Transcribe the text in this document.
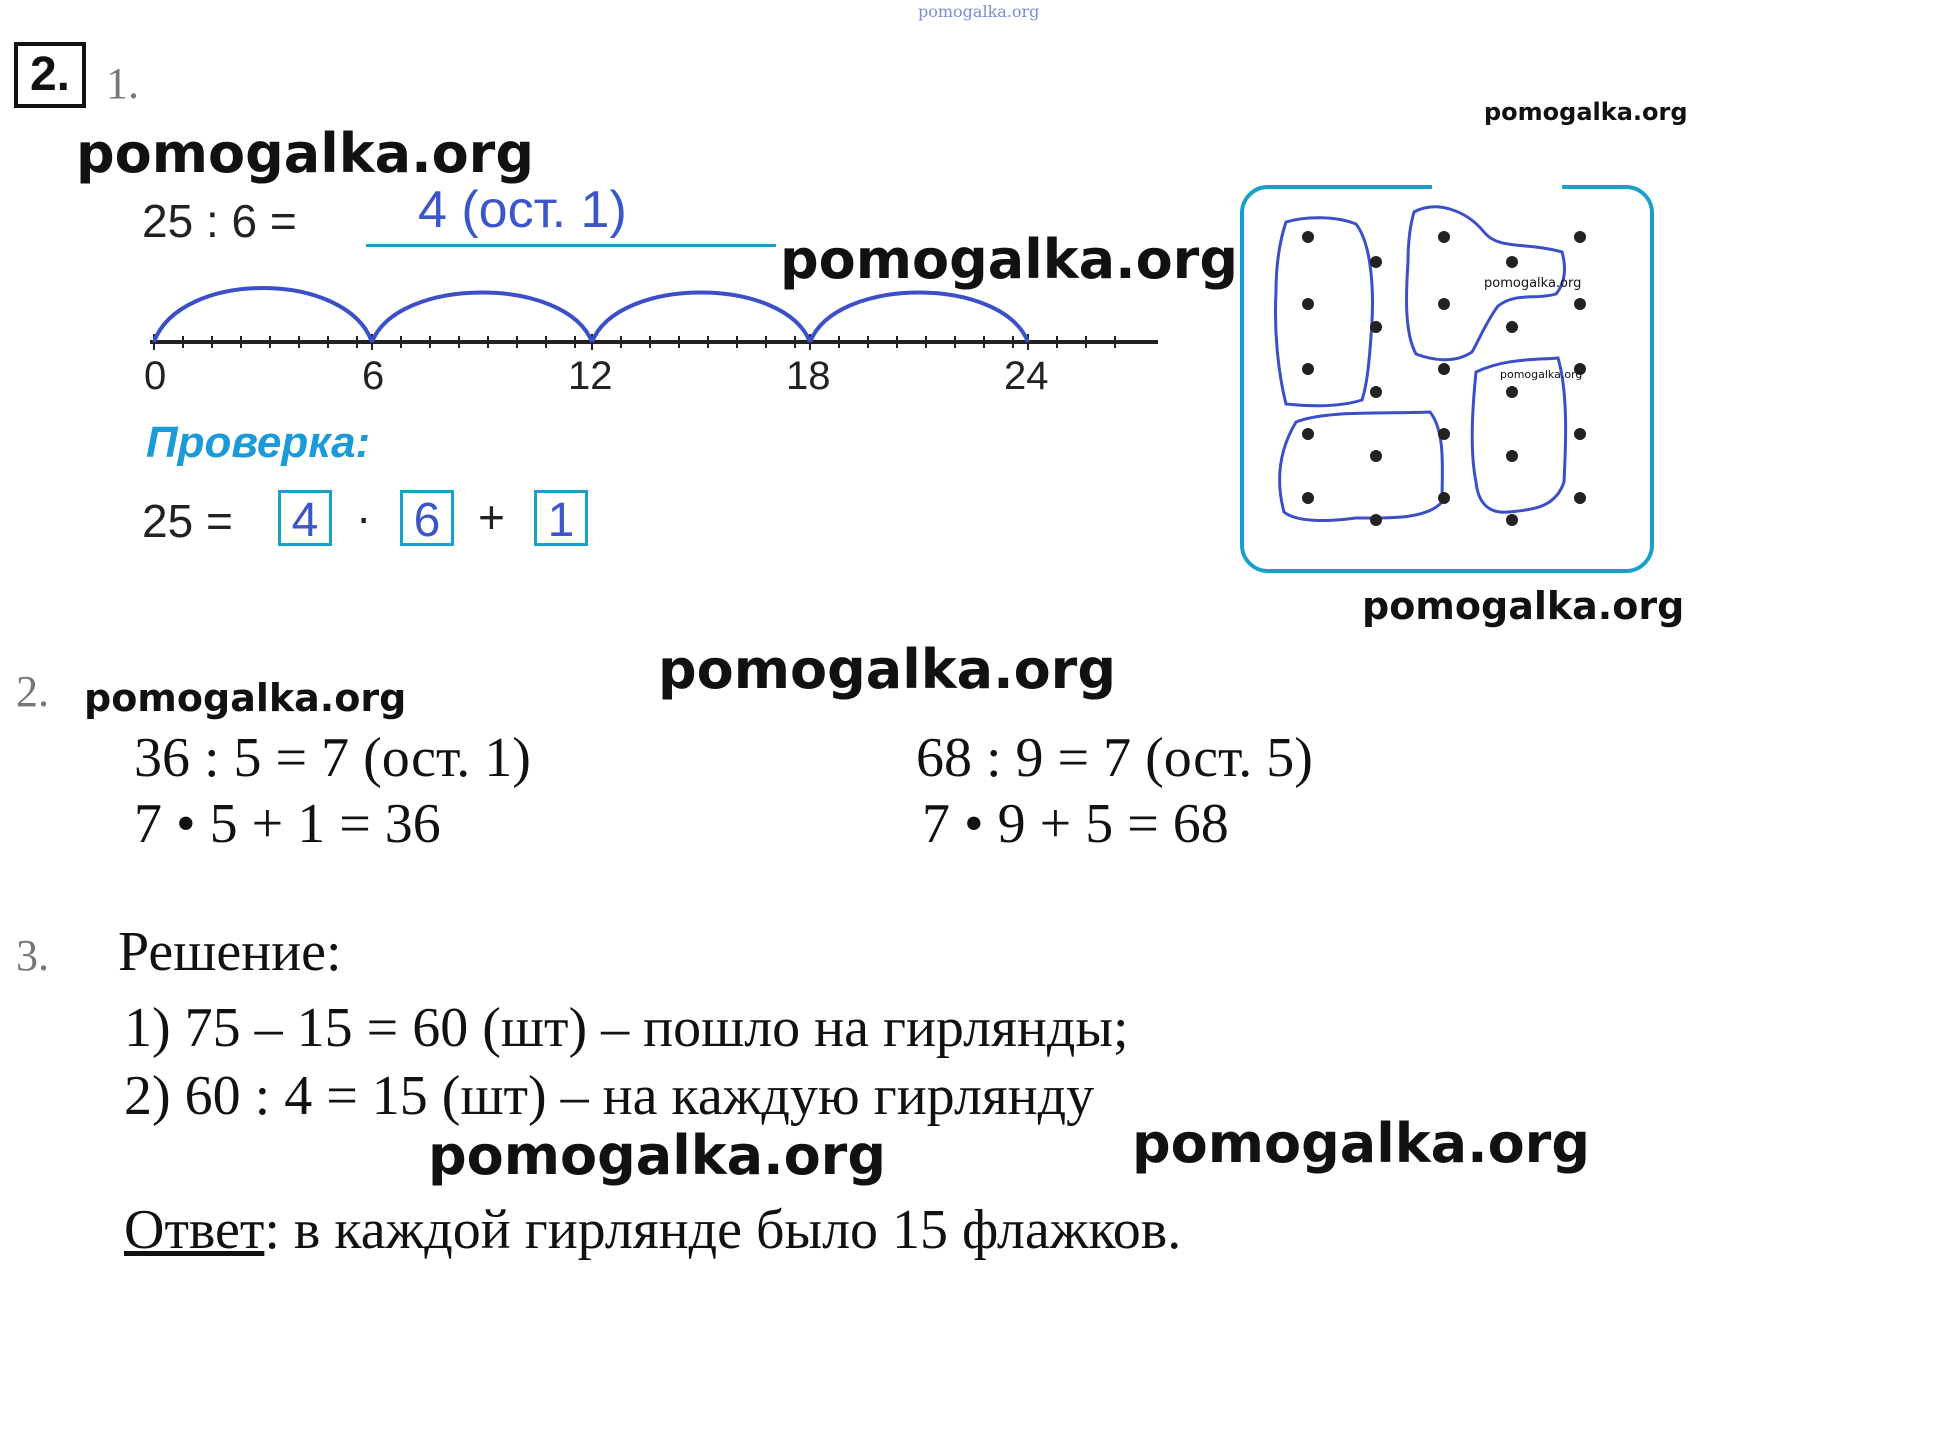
pomogalka.org
2. 1.
pomogalka.org
pomogalka.org
pomogalka.org
pomogalka.org
pomogalka.org
pomogalka.org
pomogalka.org	pomogalka.org
25 : 6 = 4 (ост. 1)
0	6	12	18	24
Проверка:
25 = 4 · 6 + 1
pomogalka.org
pomogalka.org
2.
36 : 5 = 7 (ост. 1)
7 • 5 + 1 = 36
68 : 9 = 7 (ост. 5)
7 • 9 + 5 = 68
3. Решение:
1) 75 – 15 = 60 (шт) – пошло на гирлянды;
2) 60 : 4 = 15 (шт) – на каждую гирлянду
Ответ: в каждой гирлянде было 15 флажков.
